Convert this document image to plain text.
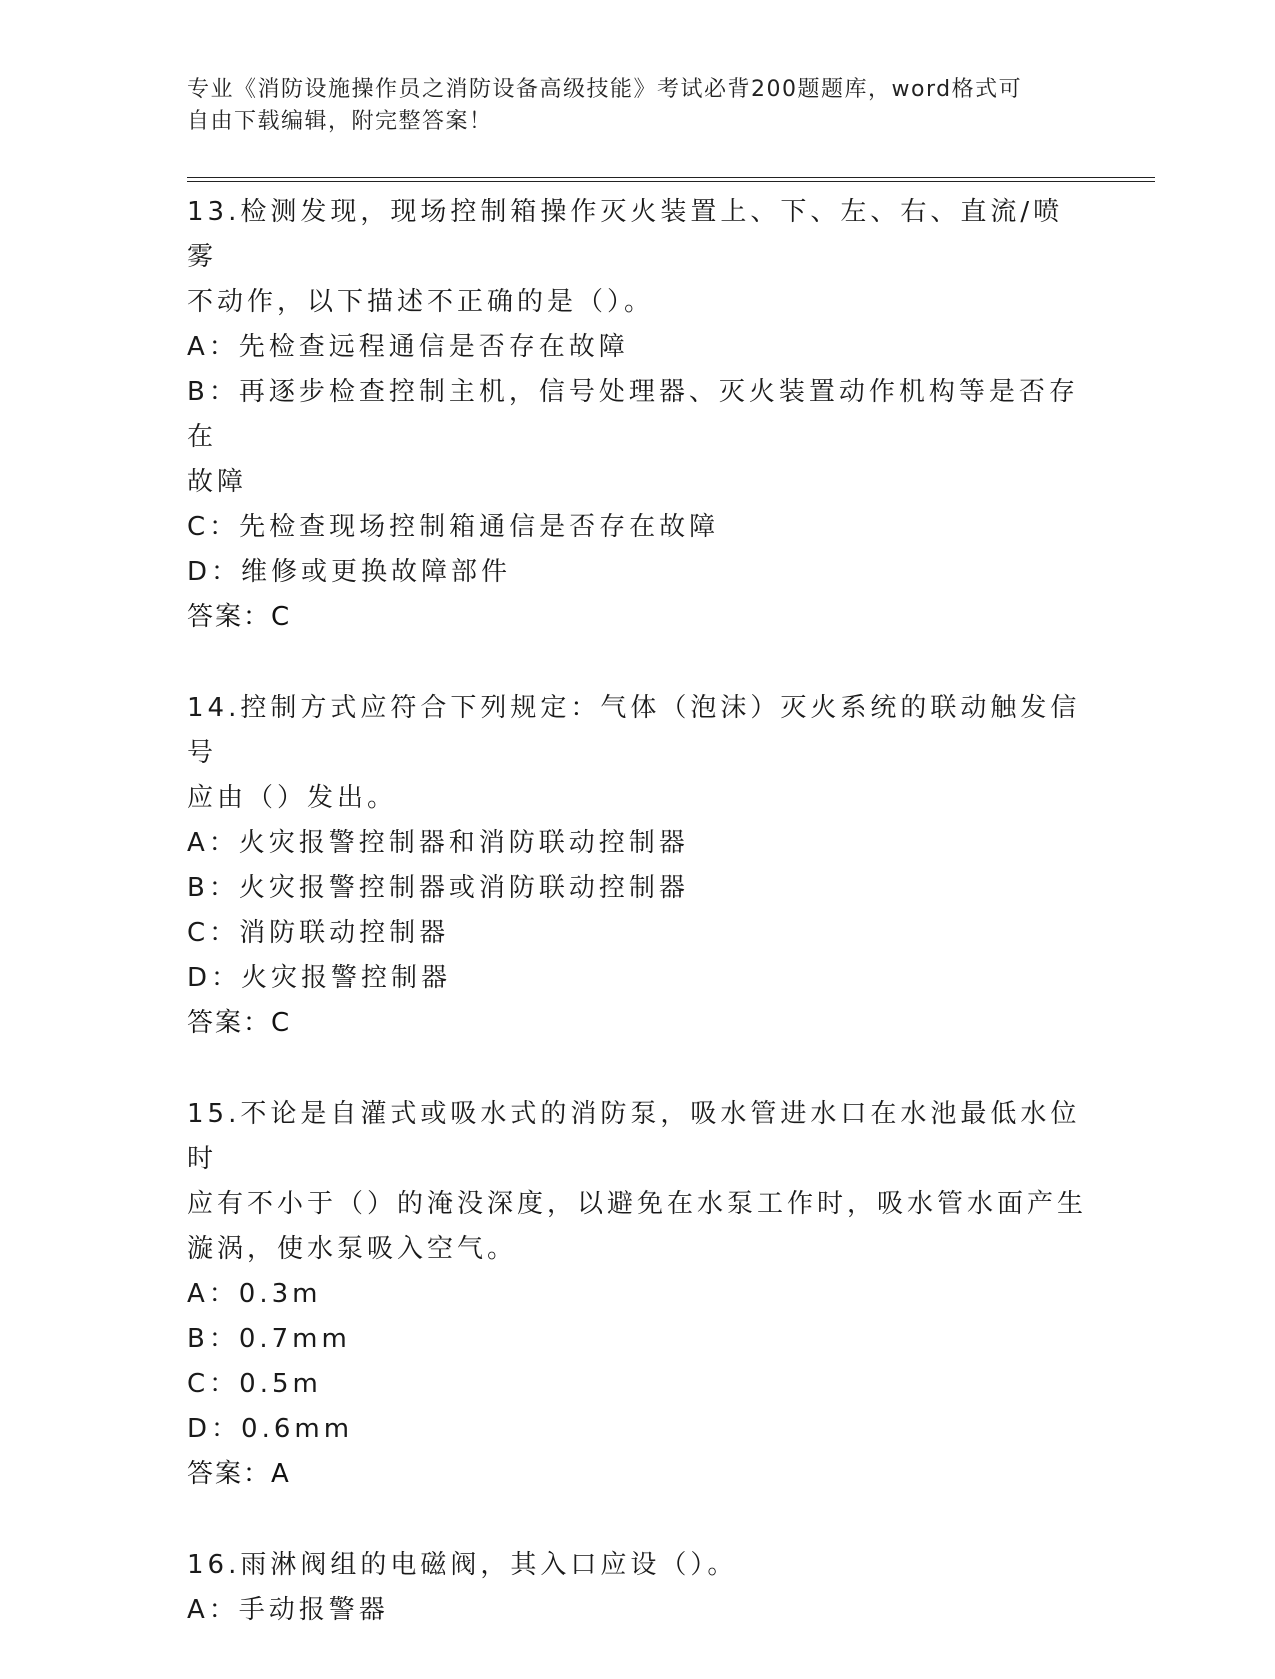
专业《消防设施操作员之消防设备高级技能》考试必背200题题库，word格式可
自由下载编辑，附完整答案！
13.检测发现，现场控制箱操作灭火装置上、下、左、右、直流/喷雾
不动作，以下描述不正确的是（）。
A：先检查远程通信是否存在故障
B：再逐步检查控制主机，信号处理器、灭火装置动作机构等是否存在
故障
C：先检查现场控制箱通信是否存在故障
D：维修或更换故障部件
答案：C
14.控制方式应符合下列规定：气体（泡沫）灭火系统的联动触发信号
应由（）发出。
A：火灾报警控制器和消防联动控制器
B：火灾报警控制器或消防联动控制器
C：消防联动控制器
D：火灾报警控制器
答案：C
15.不论是自灌式或吸水式的消防泵，吸水管进水口在水池最低水位时
应有不小于（）的淹没深度，以避免在水泵工作时，吸水管水面产生
漩涡，使水泵吸入空气。
A：0.3m
B：0.7mm
C：0.5m
D：0.6mm
答案：A
16.雨淋阀组的电磁阀，其入口应设（）。
A：手动报警器
